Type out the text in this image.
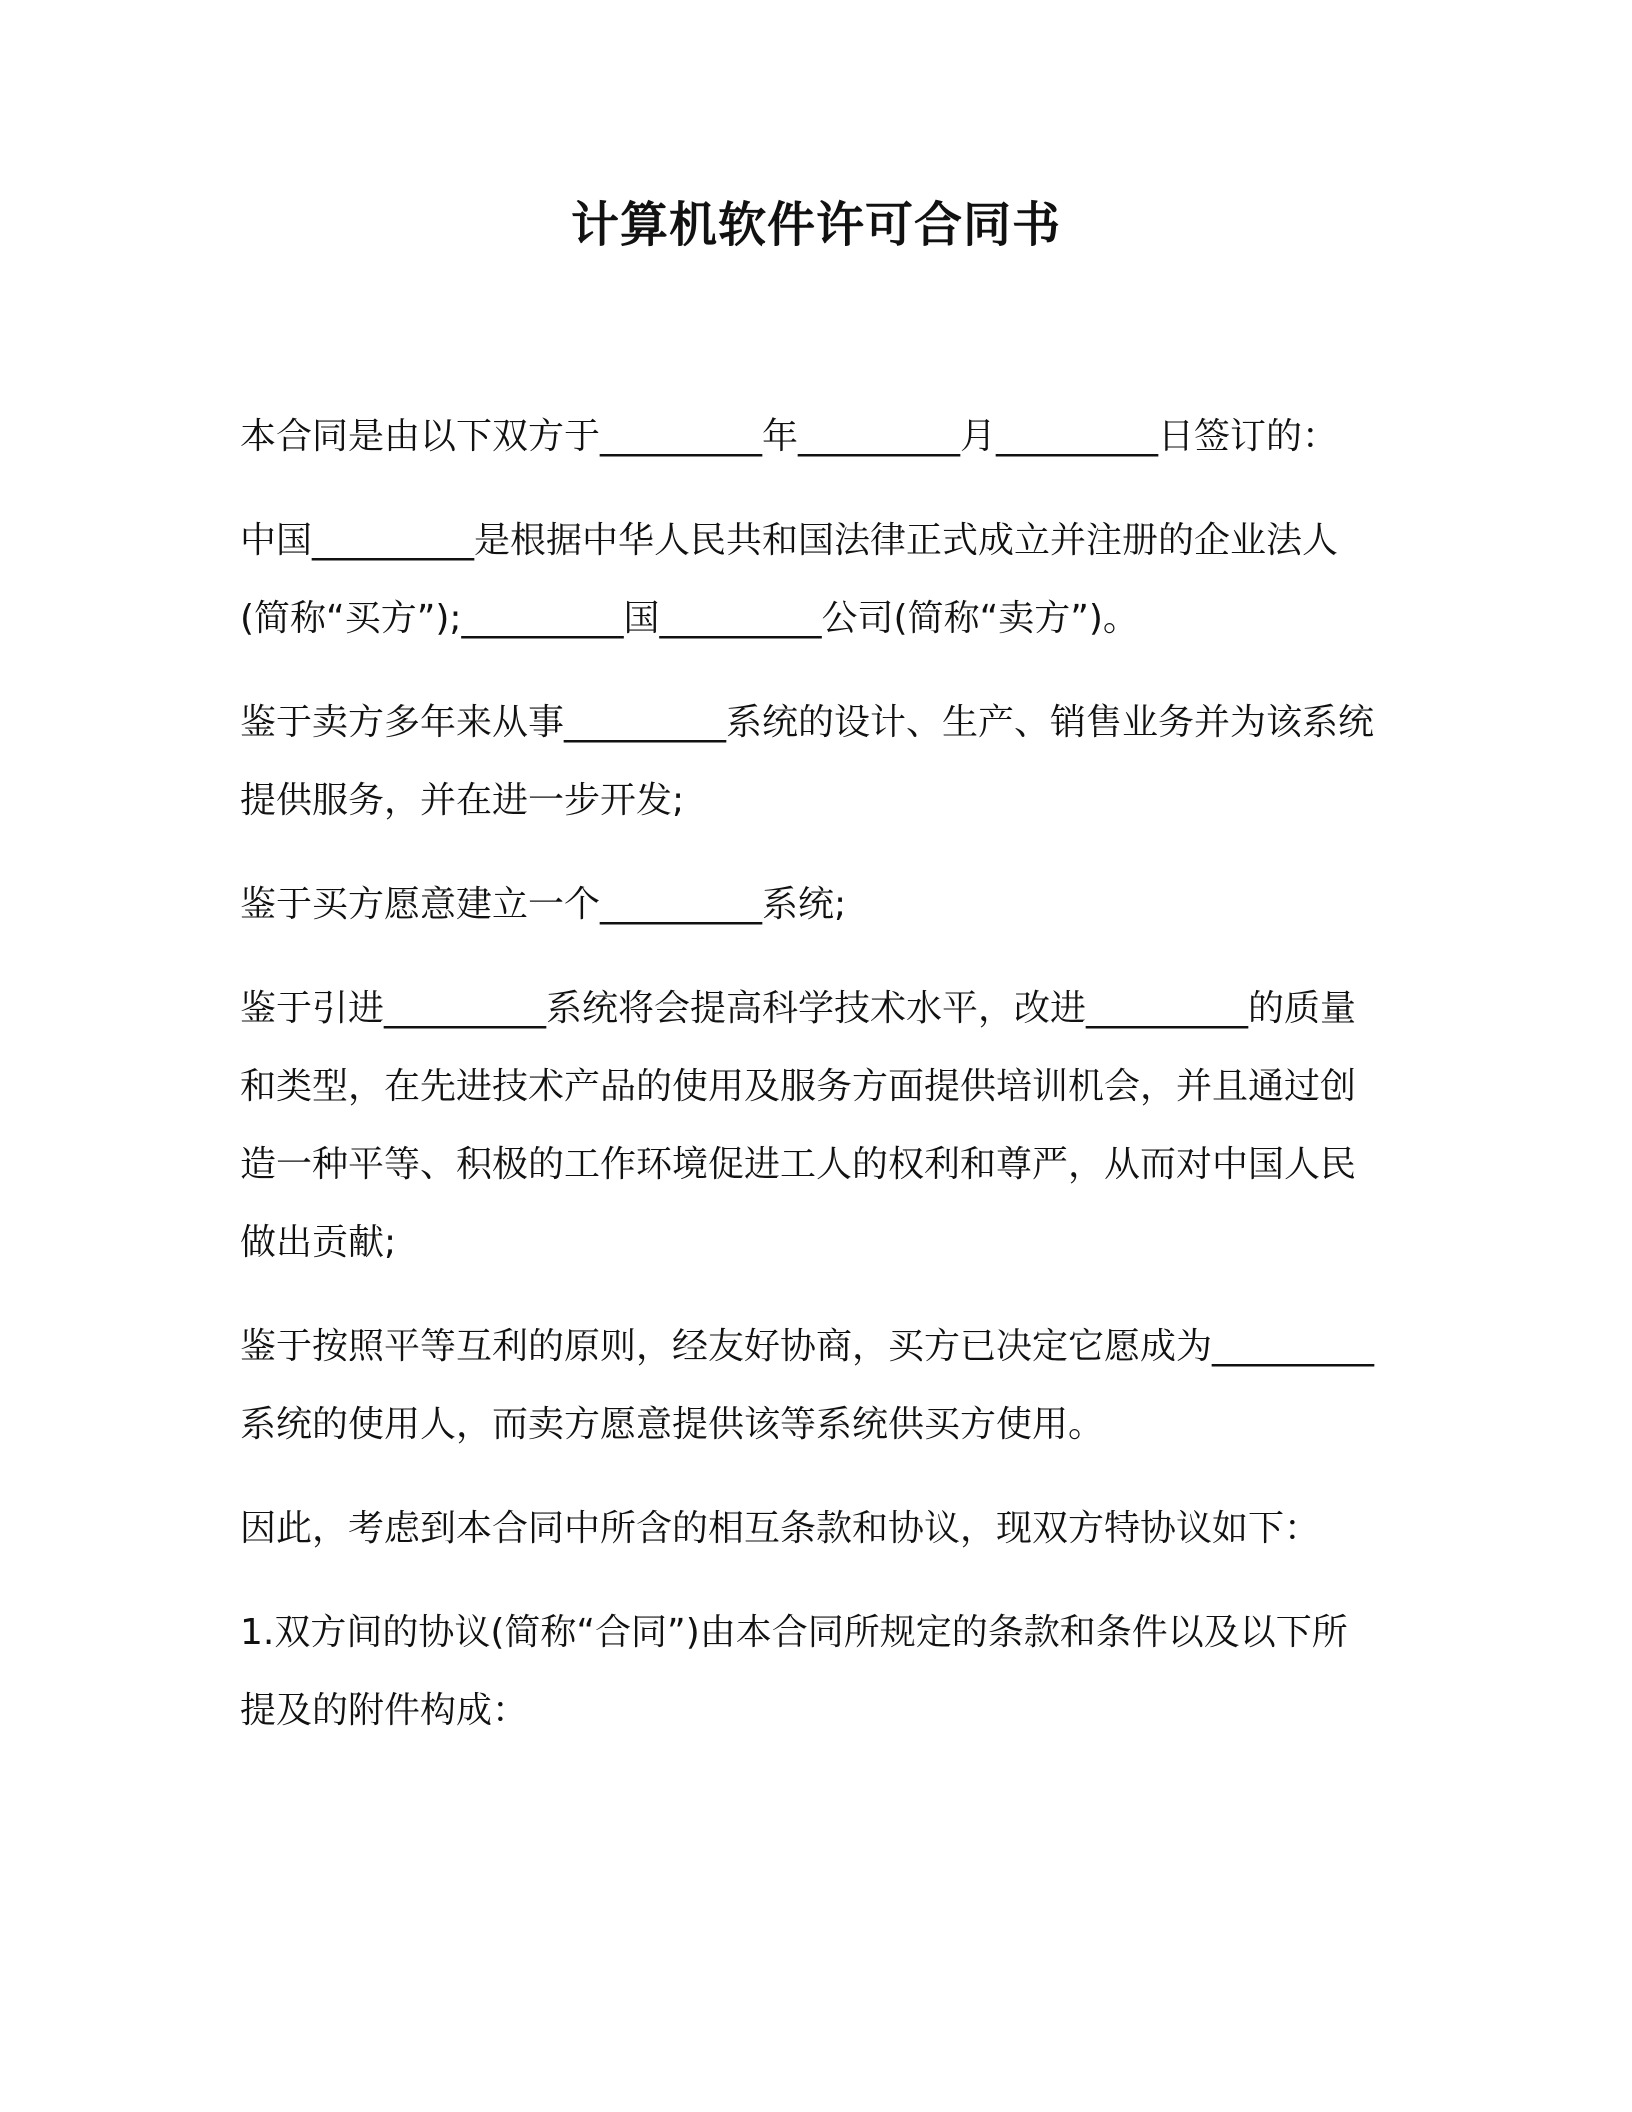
计算机软件许可合同书

本合同是由以下双方于_________年_________月_________日签订的：

中国_________是根据中华人民共和国法律正式成立并注册的企业法人(简称“买方”);_________国_________公司(简称“卖方”)。

鉴于卖方多年来从事_________系统的设计、生产、销售业务并为该系统提供服务，并在进一步开发;

鉴于买方愿意建立一个_________系统;

鉴于引进_________系统将会提高科学技术水平，改进_________的质量和类型，在先进技术产品的使用及服务方面提供培训机会，并且通过创造一种平等、积极的工作环境促进工人的权利和尊严，从而对中国人民做出贡献;

鉴于按照平等互利的原则，经友好协商，买方已决定它愿成为_________系统的使用人，而卖方愿意提供该等系统供买方使用。

因此，考虑到本合同中所含的相互条款和协议，现双方特协议如下：

1.双方间的协议(简称“合同”)由本合同所规定的条款和条件以及以下所提及的附件构成：
